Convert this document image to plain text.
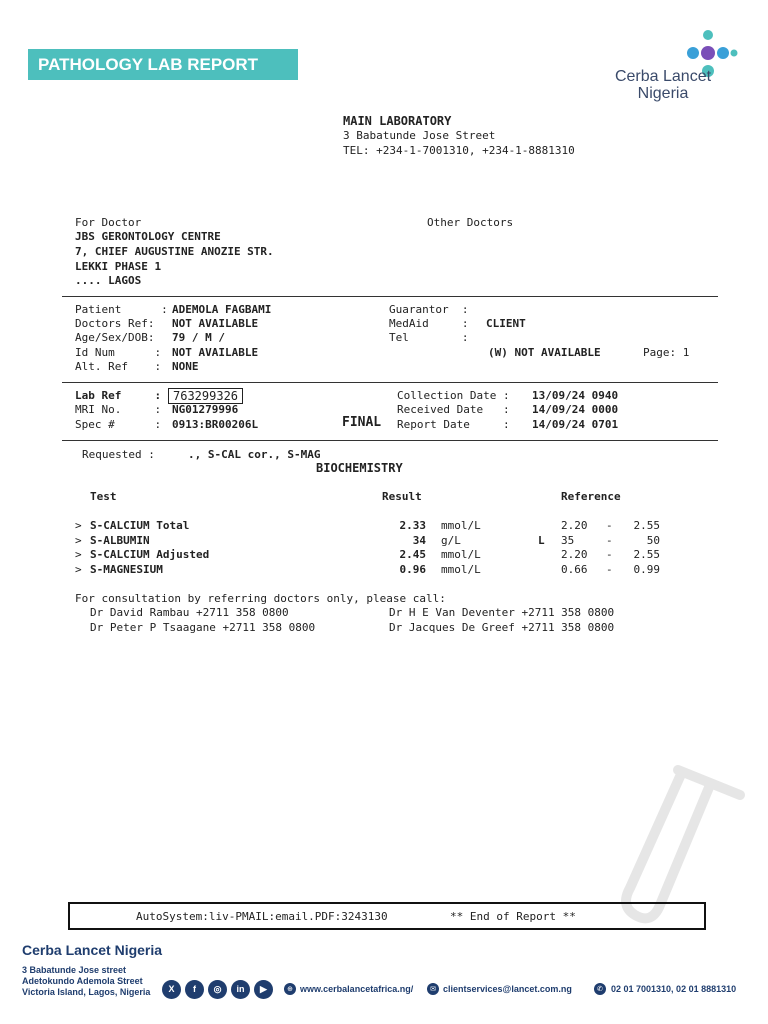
PATHOLOGY LAB REPORT
Cerba Lancet
Nigeria
MAIN LABORATORY
3 Babatunde Jose Street
TEL: +234-1-7001310, +234-1-8881310
For Doctor	Other Doctors
JBS GERONTOLOGY CENTRE
7, CHIEF AUGUSTINE ANOZIE STR.
LEKKI PHASE 1
.... LAGOS
Patient      : ADEMOLA FAGBAMI
Doctors Ref: NOT AVAILABLE
Age/Sex/DOB: 79 / M /
Id Num      : NOT AVAILABLE
Alt. Ref    : NONE
Guarantor  :
MedAid     : CLIENT
Tel        :
(W) NOT AVAILABLE	Page: 1
Lab Ref     : 763299326
MRI No.     : NG01279996
Spec #      : 0913:BR00206L	FINAL
Collection Date : 13/09/24 0940
Received Date   : 14/09/24 0000
Report Date     : 14/09/24 0701
Requested :	., S-CAL cor., S-MAG
BIOCHEMISTRY
Test	Result	Reference
> S-CALCIUM Total	2.33 mmol/L	2.20 -	2.55
> S-ALBUMIN	34 g/L	L 35	-	50
> S-CALCIUM Adjusted	2.45 mmol/L	2.20 -	2.55
> S-MAGNESIUM	0.96 mmol/L	0.66 -	0.99
For consultation by referring doctors only, please call:
Dr David Rambau +2711 358 0800	Dr H E Van Deventer +2711 358 0800
Dr Peter P Tsaagane +2711 358 0800	Dr Jacques De Greef +2711 358 0800
AutoSystem:liv-PMAIL:email.PDF:3243130	** End of Report **
Cerba Lancet Nigeria
3 Babatunde Jose street
Adetokundo Ademola Street
Victoria Island, Lagos, Nigeria	X	f	◎	in	▶	⊕ www.cerbalancetafrica.ng/	✉ clientservices@lancet.com.ng	✆ 02 01 7001310, 02 01 8881310
